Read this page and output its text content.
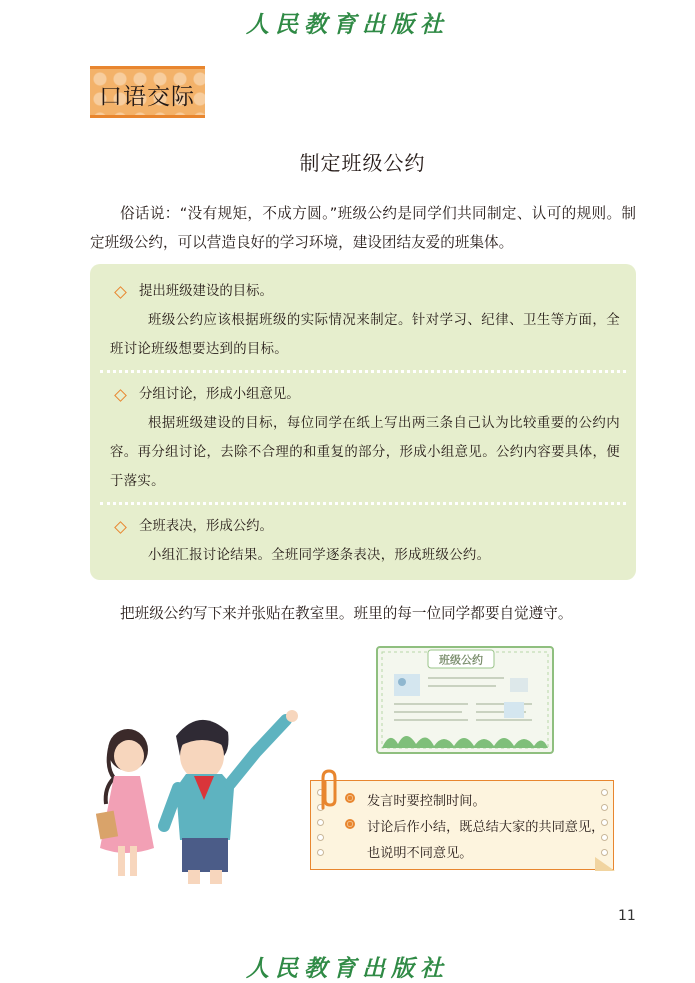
人民教育出版社
口语交际
制定班级公约
俗话说：“没有规矩，不成方圆。”班级公约是同学们共同制定、认可的规则。制定班级公约，可以营造良好的学习环境，建设团结友爱的班集体。
提出班级建设的目标。
班级公约应该根据班级的实际情况来制定。针对学习、纪律、卫生等方面，全班讨论班级想要达到的目标。
分组讨论，形成小组意见。
根据班级建设的目标，每位同学在纸上写出两三条自己认为比较重要的公约内容。再分组讨论，去除不合理的和重复的部分，形成小组意见。公约内容要具体，便于落实。
全班表决，形成公约。
小组汇报讨论结果。全班同学逐条表决，形成班级公约。
把班级公约写下来并张贴在教室里。班里的每一位同学都要自觉遵守。
班级公约
发言时要控制时间。
讨论后作小结，既总结大家的共同意见，也说明不同意见。
11
人民教育出版社
